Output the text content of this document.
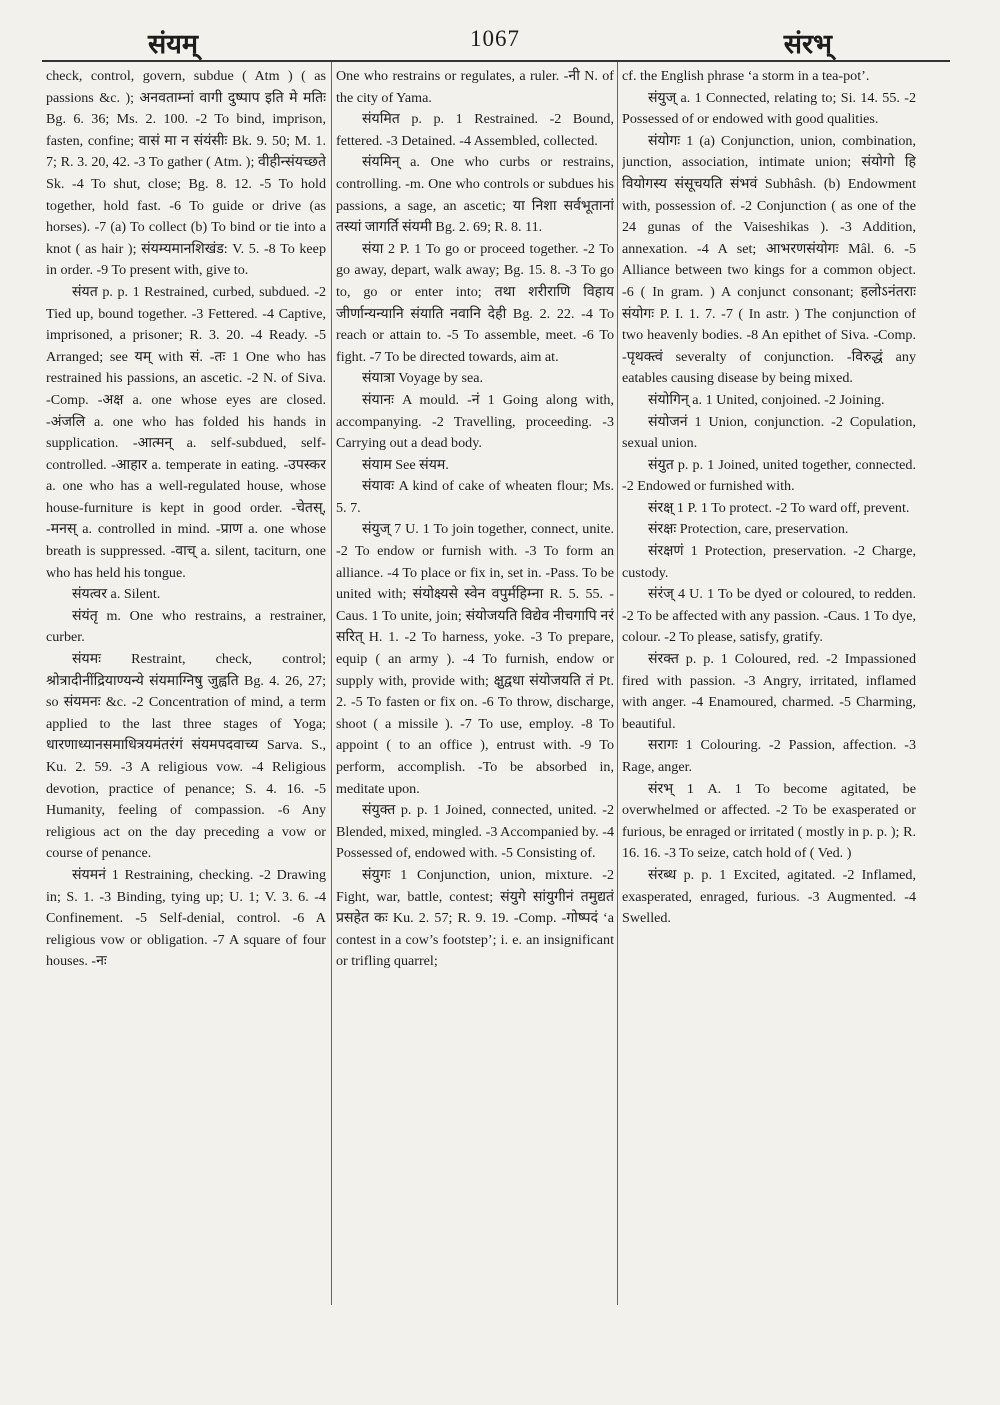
संयम्	1067	संरभ्

check, control, govern, subdue ( Atm ) ( as passions &c. ); अनवताम्नां वागी दुष्पाप इति मे मतिः Bg. 6. 36; Ms. 2. 100. -2 To bind, imprison, fasten, confine; वासं मा न संयंसीः Bk. 9. 50; M. 1. 7; R. 3. 20, 42. -3 To gather ( Atm. ); वीहीन्संयच्छते Sk. -4 To shut, close; Bg. 8. 12. -5 To hold together, hold fast. -6 To guide or drive (as horses). -7 (a) To collect (b) To bind or tie into a knot ( as hair ); संयम्यमानशिखंड: V. 5. -8 To keep in order. -9 To present with, give to.

संयत p. p. 1 Restrained, curbed, subdued. -2 Tied up, bound together. -3 Fettered. -4 Captive, imprisoned, a prisoner; R. 3. 20. -4 Ready. -5 Arranged; see यम् with सं. -तः 1 One who has restrained his passions, an ascetic. -2 N. of Siva. -Comp. -अक्ष a. one whose eyes are closed. -अंजलि a. one who has folded his hands in supplication. -आत्मन् a. self-subdued, self-controlled. -आहार a. temperate in eating. -उपस्कर a. one who has a well-regulated house, whose house-furniture is kept in good order. -चेतस्, -मनस् a. controlled in mind. -प्राण a. one whose breath is suppressed. -वाच् a. silent, taciturn, one who has held his tongue.

संयत्वर a. Silent.

संयंतृ m. One who restrains, a restrainer, curber.

संयमः Restraint, check, control; श्रोत्रादीनींद्रियाण्यन्ये संयमाग्निषु जुह्वति Bg. 4. 26, 27; so संयमनः &c. -2 Concentration of mind, a term applied to the last three stages of Yoga; धारणाध्यानसमाधित्रयमंतरंगं संयमपदवाच्य Sarva. S., Ku. 2. 59. -3 A religious vow. -4 Religious devotion, practice of penance; S. 4. 16. -5 Humanity, feeling of compassion. -6 Any religious act on the day preceding a vow or course of penance.

संयमनं 1 Restraining, checking. -2 Drawing in; S. 1. -3 Binding, tying up; U. 1; V. 3. 6. -4 Confinement. -5 Self-denial, control. -6 A religious vow or obligation. -7 A square of four houses. -नः

One who restrains or regulates, a ruler. -नी N. of the city of Yama.

संयमित p. p. 1 Restrained. -2 Bound, fettered. -3 Detained. -4 Assembled, collected.

संयमिन् a. One who curbs or restrains, controlling. -m. One who controls or subdues his passions, a sage, an ascetic; या निशा सर्वभूतानां तस्यां जागर्ति संयमी Bg. 2. 69; R. 8. 11.

संया 2 P. 1 To go or proceed together. -2 To go away, depart, walk away; Bg. 15. 8. -3 To go to, go or enter into; तथा शरीराणि विहाय जीर्णान्यन्यानि संयाति नवानि देही Bg. 2. 22. -4 To reach or attain to. -5 To assemble, meet. -6 To fight. -7 To be directed towards, aim at.

संयात्रा Voyage by sea.

संयानः A mould. -नं 1 Going along with, accompanying. -2 Travelling, proceeding. -3 Carrying out a dead body.

संयाम See संयम.

संयावः A kind of cake of wheaten flour; Ms. 5. 7.

संयुज् 7 U. 1 To join together, connect, unite. -2 To endow or furnish with. -3 To form an alliance. -4 To place or fix in, set in. -Pass. To be united with; संयोक्ष्यसे स्वेन वपुर्महिम्ना R. 5. 55. -Caus. 1 To unite, join; संयोजयति विद्येव नीचगापि नरं सरित् H. 1. -2 To harness, yoke. -3 To prepare, equip ( an army ). -4 To furnish, endow or supply with, provide with; क्षुद्वधा संयोजयति तं Pt. 2. -5 To fasten or fix on. -6 To throw, discharge, shoot ( a missile ). -7 To use, employ. -8 To appoint ( to an office ), entrust with. -9 To perform, accomplish. -To be absorbed in, meditate upon.

संयुक्त p. p. 1 Joined, connected, united. -2 Blended, mixed, mingled. -3 Accompanied by. -4 Possessed of, endowed with. -5 Consisting of.

संयुगः 1 Conjunction, union, mixture. -2 Fight, war, battle, contest; संयुगे सांयुगीनं तमुद्यतं प्रसहेत कः Ku. 2. 57; R. 9. 19. -Comp. -गोष्पदं ‘a contest in a cow’s footstep’; i. e. an insignificant or trifling quarrel;

cf. the English phrase ‘a storm in a tea-pot’.

संयुज् a. 1 Connected, relating to; Si. 14. 55. -2 Possessed of or endowed with good qualities.

संयोगः 1 (a) Conjunction, union, combination, junction, association, intimate union; संयोगो हि वियोगस्य संसूचयति संभवं Subhâsh. (b) Endowment with, possession of. -2 Conjunction ( as one of the 24 gunas of the Vaiseshikas ). -3 Addition, annexation. -4 A set; आभरणसंयोगः Mâl. 6. -5 Alliance between two kings for a common object. -6 ( In gram. ) A conjunct consonant; हलोऽनंतराः संयोगः P. I. 1. 7. -7 ( In astr. ) The conjunction of two heavenly bodies. -8 An epithet of Siva. -Comp. -पृथक्त्वं severalty of conjunction. -विरुद्धं any eatables causing disease by being mixed.

संयोगिन् a. 1 United, conjoined. -2 Joining.

संयोजनं 1 Union, conjunction. -2 Copulation, sexual union.

संयुत p. p. 1 Joined, united together, connected. -2 Endowed or furnished with.

संरक्ष् 1 P. 1 To protect. -2 To ward off, prevent.

संरक्षः Protection, care, preservation.

संरक्षणं 1 Protection, preservation. -2 Charge, custody.

संरंज् 4 U. 1 To be dyed or coloured, to redden. -2 To be affected with any passion. -Caus. 1 To dye, colour. -2 To please, satisfy, gratify.

संरक्त p. p. 1 Coloured, red. -2 Impassioned fired with passion. -3 Angry, irritated, inflamed with anger. -4 Enamoured, charmed. -5 Charming, beautiful.

सरागः 1 Colouring. -2 Passion, affection. -3 Rage, anger.

संरभ् 1 A. 1 To become agitated, be overwhelmed or affected. -2 To be exasperated or furious, be enraged or irritated ( mostly in p. p. ); R. 16. 16. -3 To seize, catch hold of ( Ved. )

संरब्ध p. p. 1 Excited, agitated. -2 Inflamed, exasperated, enraged, furious. -3 Augmented. -4 Swelled.
